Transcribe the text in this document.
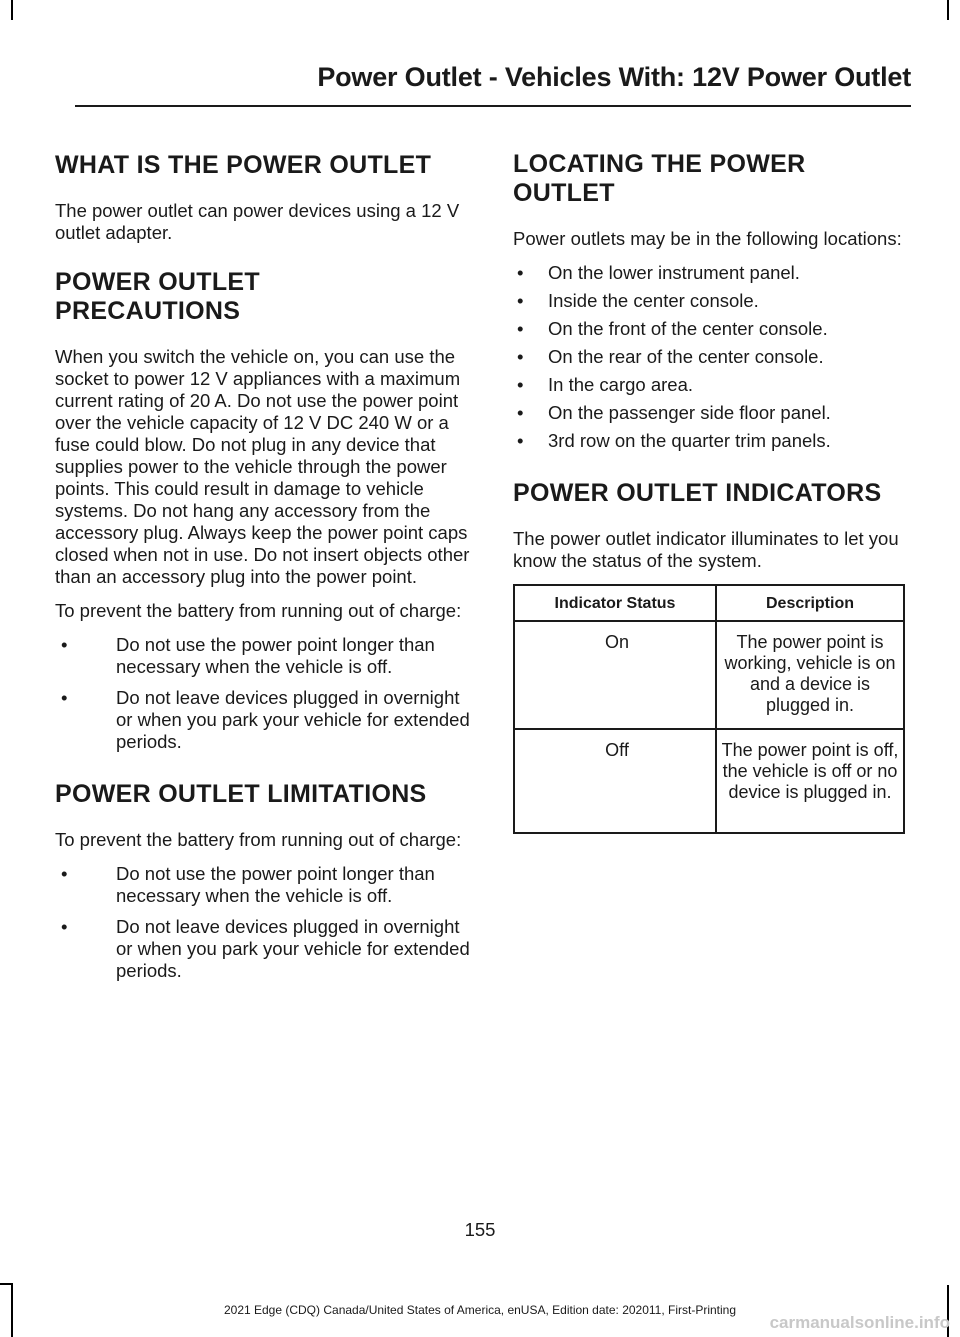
Power Outlet - Vehicles With: 12V Power Outlet
WHAT IS THE POWER OUTLET

The power outlet can power devices using a 12 V outlet adapter.

POWER OUTLET
PRECAUTIONS

When you switch the vehicle on, you can use the socket to power 12 V appliances with a maximum current rating of 20 A. Do not use the power point over the vehicle capacity of 12 V DC 240 W or a fuse could blow. Do not plug in any device that supplies power to the vehicle through the power points. This could result in damage to vehicle systems. Do not hang any accessory from the accessory plug. Always keep the power point caps closed when not in use. Do not insert objects other than an accessory plug into the power point.

To prevent the battery from running out of charge:

•	Do not use the power point longer than necessary when the vehicle is off.
•	Do not leave devices plugged in overnight or when you park your vehicle for extended periods.
POWER OUTLET LIMITATIONS

To prevent the battery from running out of charge:

•	Do not use the power point longer than necessary when the vehicle is off.
•	Do not leave devices plugged in overnight or when you park your vehicle for extended periods.
LOCATING THE POWER
OUTLET

Power outlets may be in the following locations:

• On the lower instrument panel.
• Inside the center console.
• On the front of the center console.
• On the rear of the center console.
• In the cargo area.
• On the passenger side floor panel.
• 3rd row on the quarter trim panels.
POWER OUTLET INDICATORS

The power outlet indicator illuminates to let you know the status of the system.

Indicator Status	Description
On	The power point is working, vehicle is on and a device is plugged in.
Off	The power point is off, the vehicle is off or no device is plugged in.
155
2021 Edge (CDQ) Canada/United States of America, enUSA, Edition date: 202011, First-Printing
carmanualsonline.info
